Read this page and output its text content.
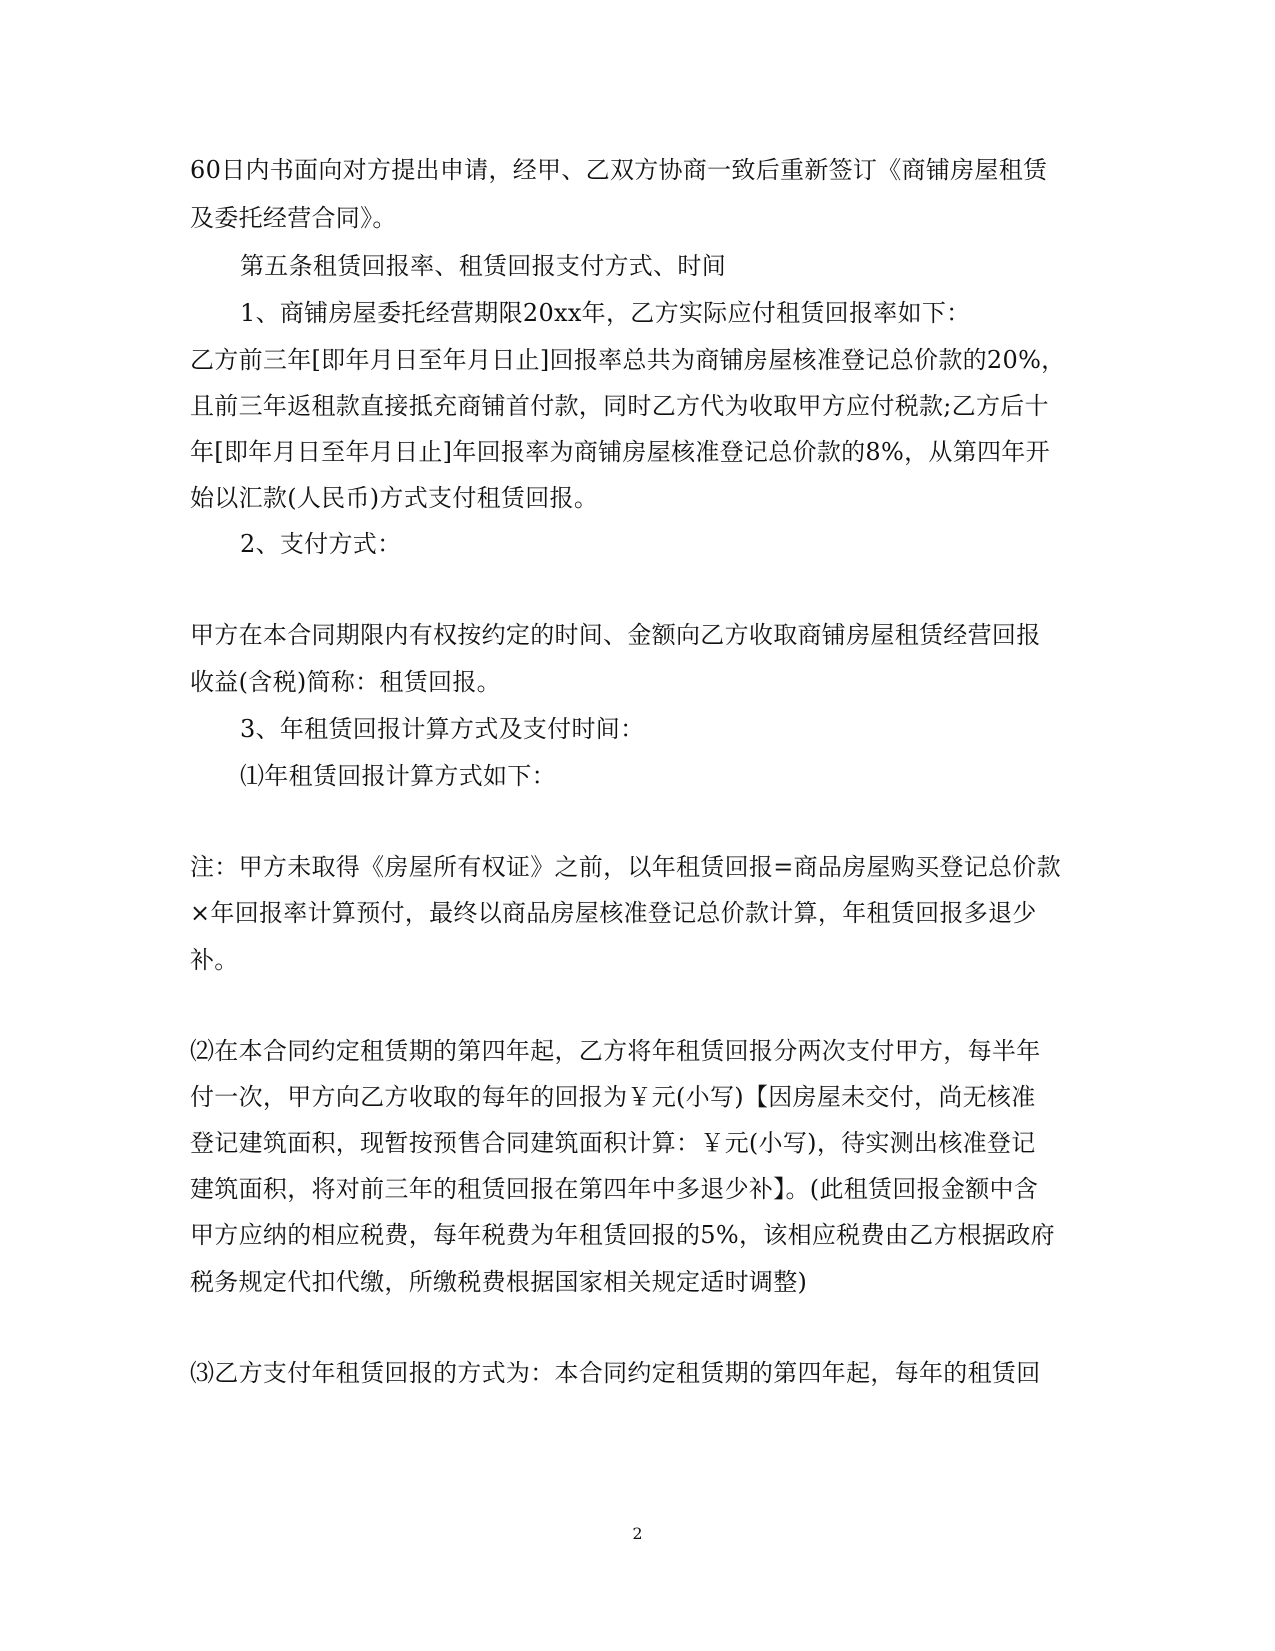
60日内书面向对方提出申请，经甲、乙双方协商一致后重新签订《商铺房屋租赁

及委托经营合同》。

第五条租赁回报率、租赁回报支付方式、时间

1、商铺房屋委托经营期限20xx年，乙方实际应付租赁回报率如下：

乙方前三年[即年月日至年月日止]回报率总共为商铺房屋核准登记总价款的20%，

且前三年返租款直接抵充商铺首付款，同时乙方代为收取甲方应付税款;乙方后十

年[即年月日至年月日止]年回报率为商铺房屋核准登记总价款的8%，从第四年开

始以汇款(人民币)方式支付租赁回报。

2、支付方式：

甲方在本合同期限内有权按约定的时间、金额向乙方收取商铺房屋租赁经营回报

收益(含税)简称：租赁回报。

3、年租赁回报计算方式及支付时间：

⑴年租赁回报计算方式如下：

注：甲方未取得《房屋所有权证》之前，以年租赁回报=商品房屋购买登记总价款

×年回报率计算预付，最终以商品房屋核准登记总价款计算，年租赁回报多退少

补。

⑵在本合同约定租赁期的第四年起，乙方将年租赁回报分两次支付甲方，每半年

付一次，甲方向乙方收取的每年的回报为￥元(小写)【因房屋未交付，尚无核准

登记建筑面积，现暂按预售合同建筑面积计算：￥元(小写)，待实测出核准登记

建筑面积，将对前三年的租赁回报在第四年中多退少补】。(此租赁回报金额中含

甲方应纳的相应税费，每年税费为年租赁回报的5%，该相应税费由乙方根据政府

税务规定代扣代缴，所缴税费根据国家相关规定适时调整)

⑶乙方支付年租赁回报的方式为：本合同约定租赁期的第四年起，每年的租赁回

2
